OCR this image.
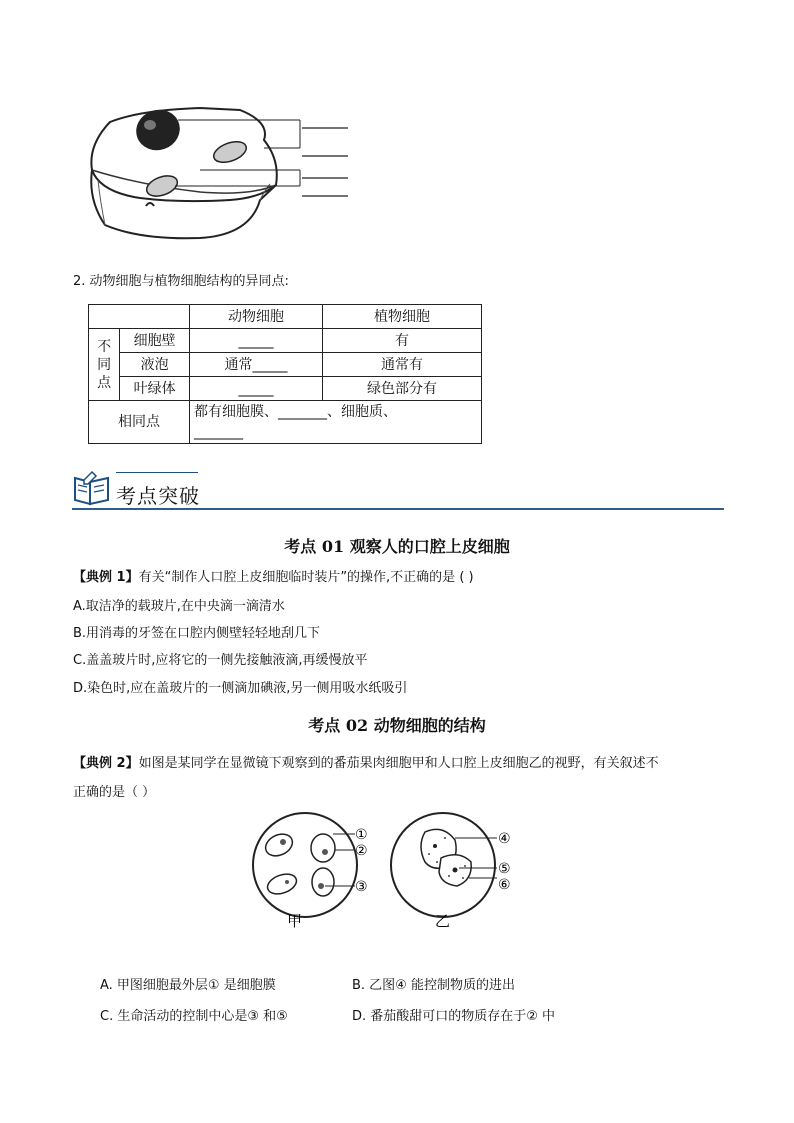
2. 动物细胞与植物细胞结构的异同点:
		动物细胞	植物细胞
不
同
点	细胞壁	_____	有
	液泡	通常_____	通常有
	叶绿体	_____	绿色部分有
相同点		都有细胞膜、_______、细胞质、
_______	
考点突破
考点 01 观察人的口腔上皮细胞
【典例 1】有关“制作人口腔上皮细胞临时装片”的操作,不正确的是 ( )
A.取洁净的载玻片,在中央滴一滴清水
B.用消毒的牙签在口腔内侧壁轻轻地刮几下
C.盖盖玻片时,应将它的一侧先接触液滴,再缓慢放平
D.染色时,应在盖玻片的一侧滴加碘液,另一侧用吸水纸吸引
考点 02 动物细胞的结构
【典例 2】如图是某同学在显微镜下观察到的番茄果肉细胞甲和人口腔上皮细胞乙的视野，有关叙述不
正确的是（ ）
①
②
③
甲
④
⑤
⑥
乙
A. 甲图细胞最外层① 是细胞膜	B. 乙图④ 能控制物质的进出
C. 生命活动的控制中心是③ 和⑤	D. 番茄酸甜可口的物质存在于② 中
